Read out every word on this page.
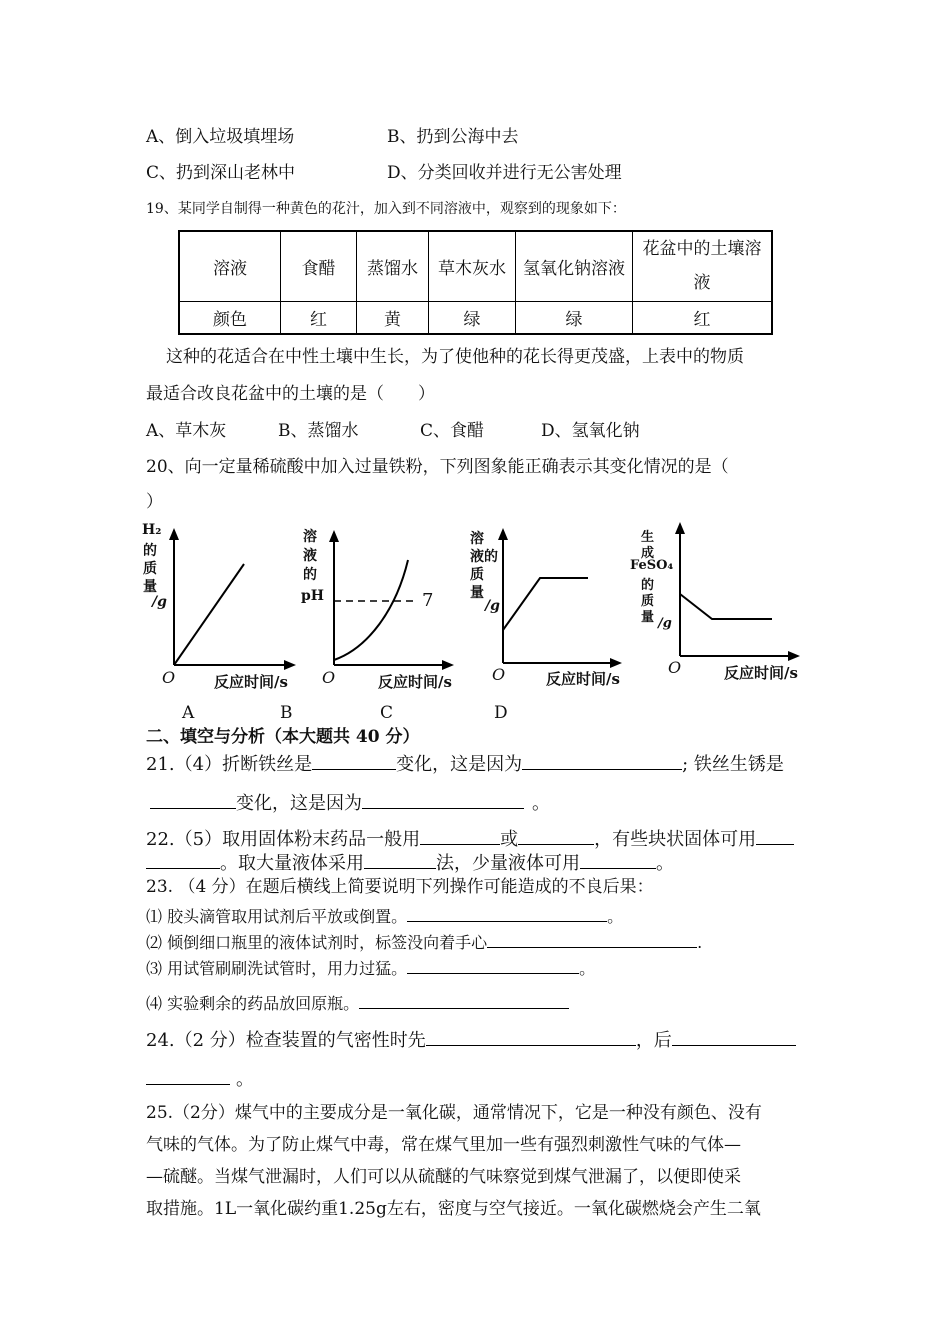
A、倒入垃圾填埋场	B、扔到公海中去
C、扔到深山老林中	D、分类回收并进行无公害处理
19、某同学自制得一种黄色的花汁，加入到不同溶液中，观察到的现象如下：
溶液	食醋	蒸馏水	草木灰水	氢氧化钠溶液	花盆中的土壤溶
液

颜色	红	黄	绿	绿	红
这种的花适合在中性土壤中生长，为了使他种的花长得更茂盛，上表中的物质
最适合改良花盆中的土壤的是（　　）
A、草木灰	B、蒸馏水	C、食醋	D、氢氧化钠
20、向一定量稀硫酸中加入过量铁粉，下列图象能正确表示其变化情况的是（
）
H₂
的
质
量
/g
O	反应时间/s
溶
液
的
pH	7
O	反应时间/s
溶
液的
质
量
/g
O	反应时间/s
生
成
FeSO₄
的
质
量 /g
O	反应时间/s
A	B	C	D
二、填空与分析（本大题共 40 分）
21.（4）折断铁丝是	变化，这是因为	; 铁丝生锈是
变化，这是因为	。
22.（5）取用固体粉末药品一般用	或	，有些块状固体可用
。取大量液体采用	法，少量液体可用	。
23. （4 分）在题后横线上简要说明下列操作可能造成的不良后果：
⑴ 胶头滴管取用试剂后平放或倒置。	。
⑵ 倾倒细口瓶里的液体试剂时，标签没向着手心	.
⑶ 用试管刷刷洗试管时，用力过猛。	。
⑷ 实验剩余的药品放回原瓶。
24.（2 分）检查装置的气密性时先	，后
。
25.（2分）煤气中的主要成分是一氧化碳，通常情况下，它是一种没有颜色、没有
气味的气体。为了防止煤气中毒，常在煤气里加一些有强烈刺激性气味的气体—
—硫醚。当煤气泄漏时，人们可以从硫醚的气味察觉到煤气泄漏了，以便即使采
取措施。1L一氧化碳约重1.25g左右，密度与空气接近。一氧化碳燃烧会产生二氧
